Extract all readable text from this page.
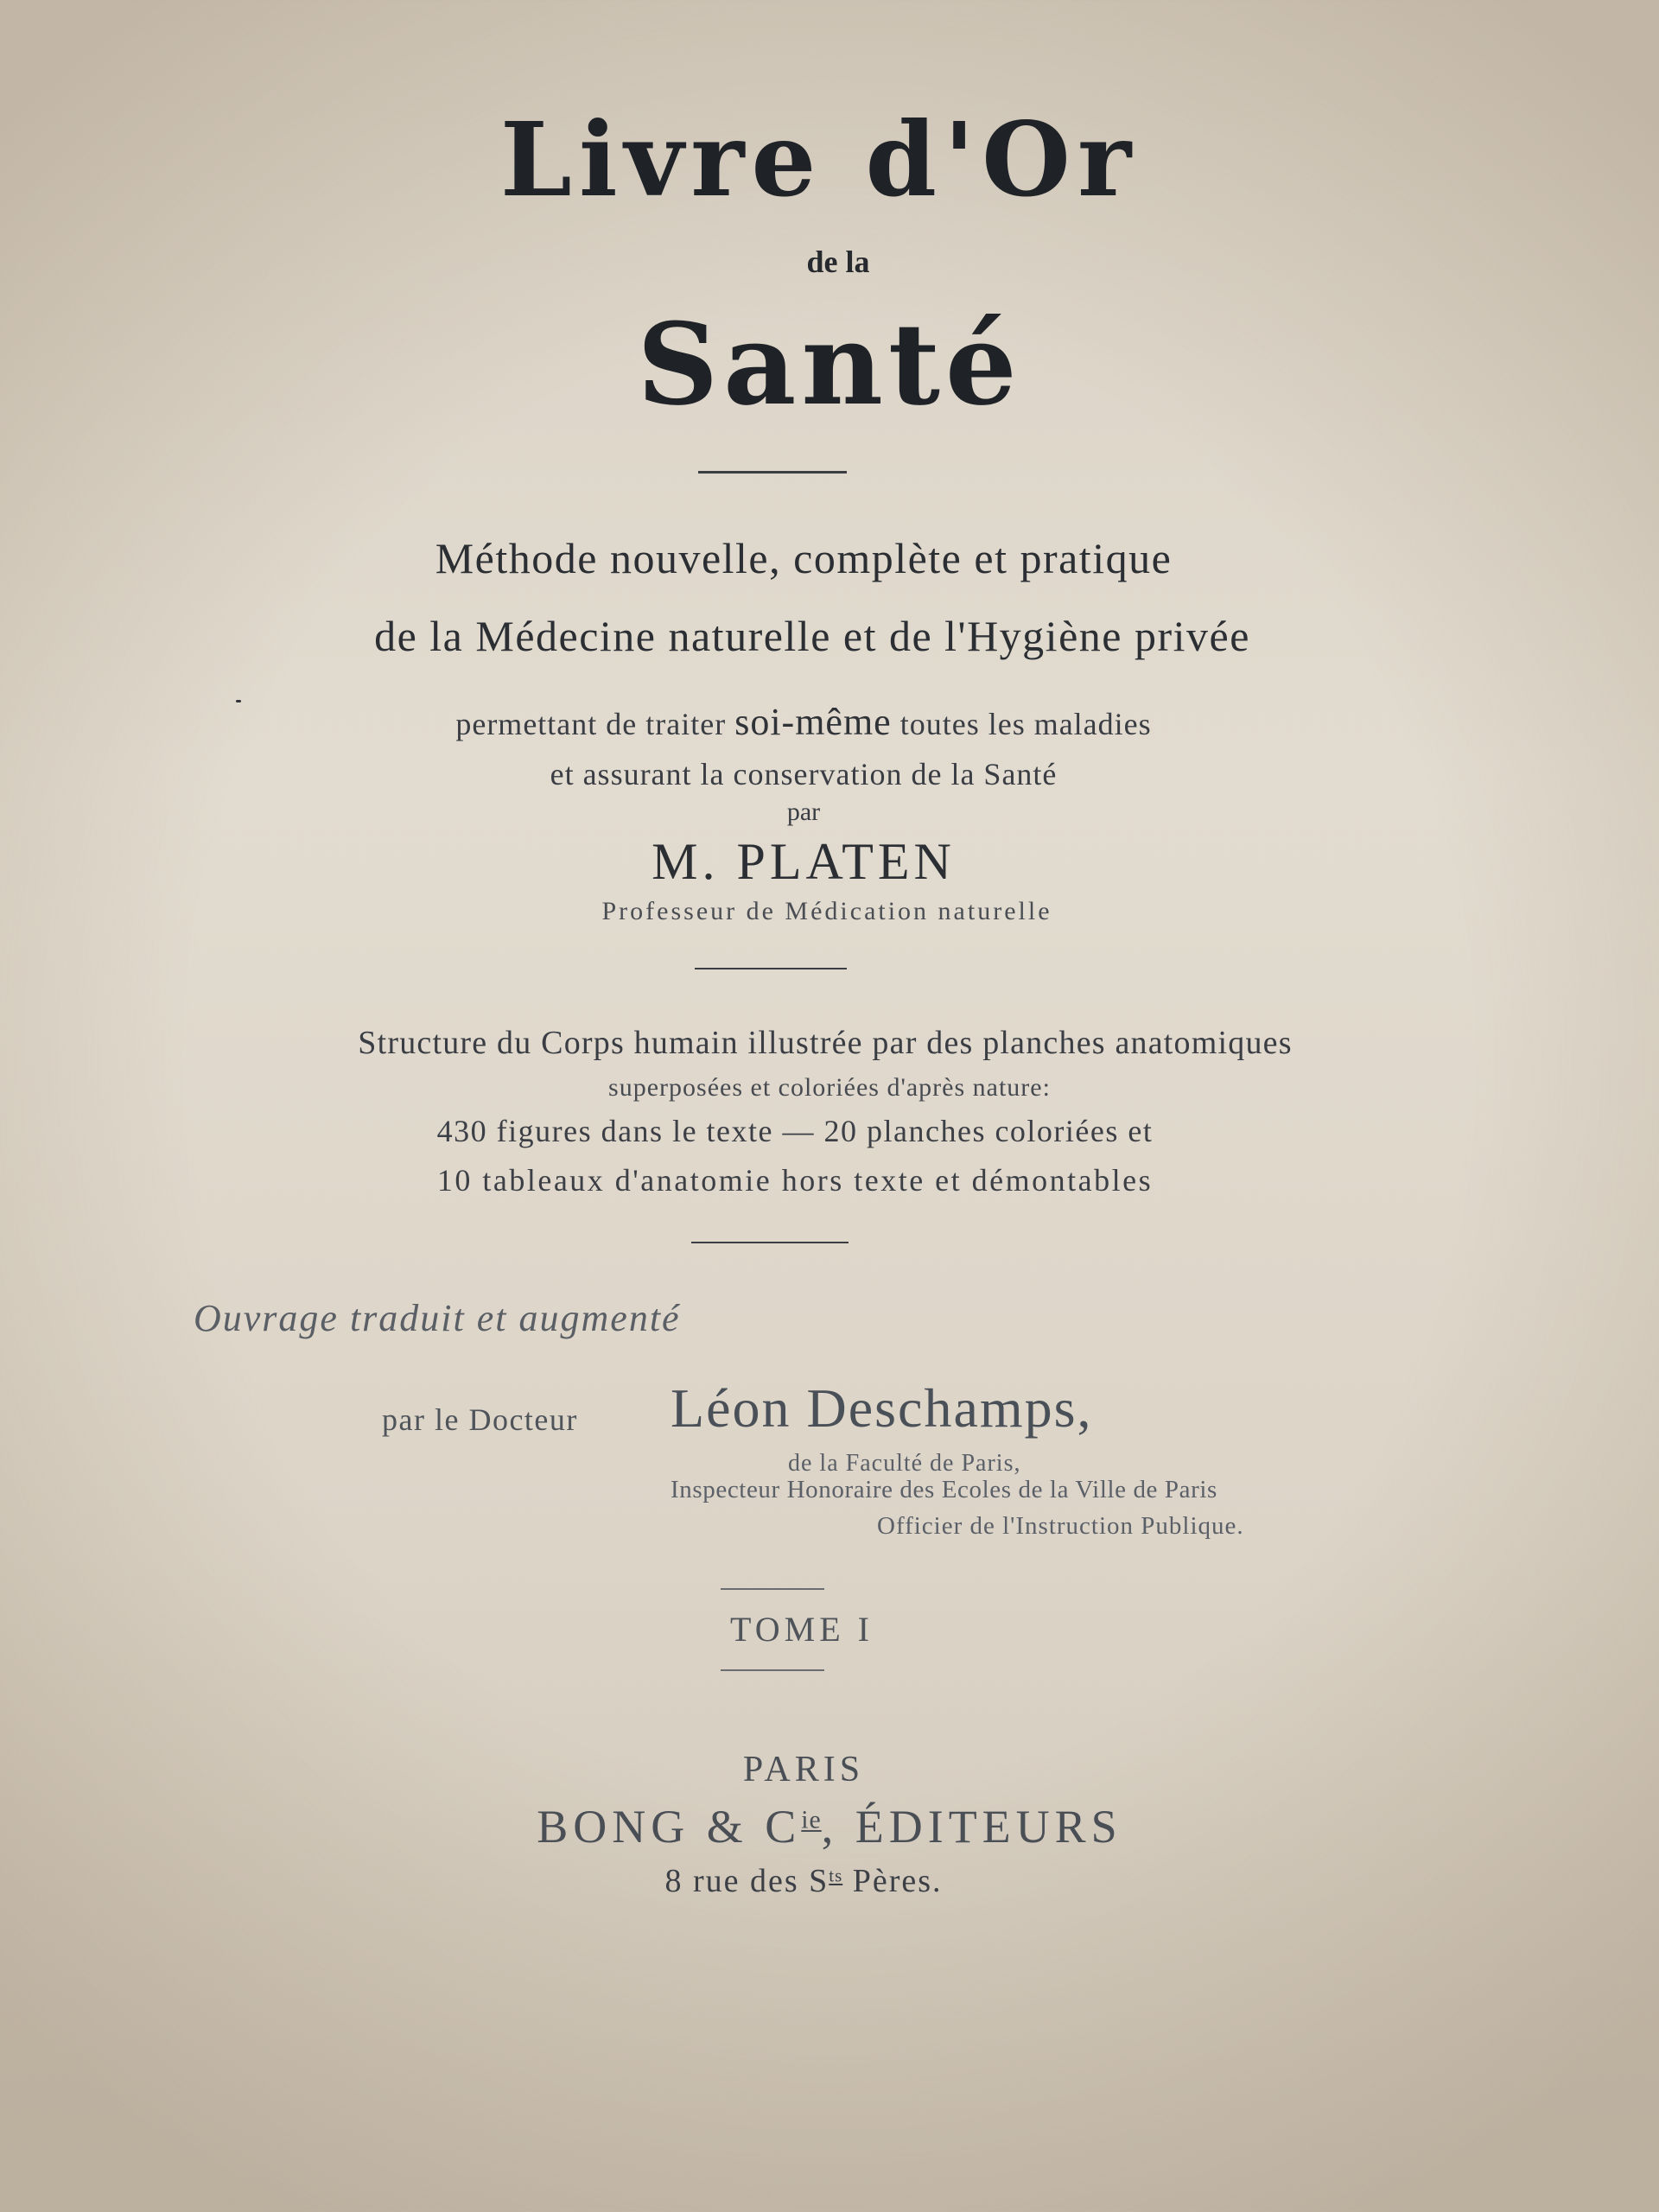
Livre d'Or
de la
Santé
Méthode nouvelle, complète et pratique
de la Médecine naturelle et de l'Hygiène privée
permettant de traiter soi-même toutes les maladies
et assurant la conservation de la Santé
par
M. PLATEN
Professeur de Médication naturelle
Structure du Corps humain illustrée par des planches anatomiques
superposées et coloriées d'après nature:
430 figures dans le texte — 20 planches coloriées et
10 tableaux d'anatomie hors texte et démontables
Ouvrage traduit et augmenté
par le Docteur Léon Deschamps,
de la Faculté de Paris,
Inspecteur Honoraire des Ecoles de la Ville de Paris
Officier de l'Instruction Publique.
TOME I
PARIS
BONG & $C^{ie}$, ÉDITEURS
8 rue des $S^{ts}$ Pères.
